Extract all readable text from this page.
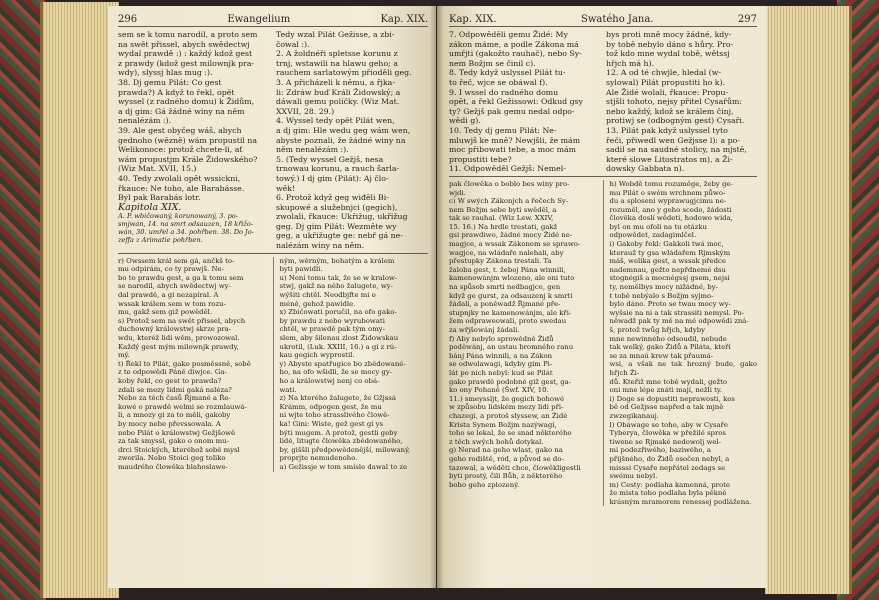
296	Ewangelium	Kap. XIX.

sem se k tomu narodil, a proto sem
na swět přissel, abych swědectwj
wydal prawdě :) : každý kdož gest
z prawdy (kdož gest milownjk pra-
wdy), slyssj hlas mug :).
38. Dj gemu Pilát: Co gest
prawda?) A když to řekl, opět
wyssel (z radného domu) k Židům,
a dj gim: Gá žádné winy na něm
nenalézám :).
39. Ale gest obyčeg wáš, abych
gednoho (wězně) wám propustil na
Welikonoce: protož chcete-li, ať
wám propustjm Krále Židowského?
(Wiz Mat. XVII, 15.)
40. Tedy zwolali opět wssickni,
řkauce: Ne toho, ale Barabásse.
Byl pak Barabás lotr.

Kapitola XIX.

A. P. wbičowaný, korunowaný, 3. po-
smjwán, 14. na smrt odsauzen, 18 křižo-
wán, 30. umřel a 34. pohřben. 38. Do Jo-
zeffa z Arimatie pohřben.

Tedy wzal Pilát Gežisse, a zbi-
čowal :).
2. A žoldnéři spletsse korunu z
trnj, wstawili na hlawu geho; a
rauchem sarlatowým přioděli geg.
3. A přicházeli k němu, a řjka-
li: Zdráw buď Králi Židowský; a
dáwali gemu políčky. (Wiz Mat.
XXVII, 28. 29.)
4. Wyssel tedy opět Pilát wen,
a dj gim: Hle wedu geg wám wen,
abyste poznali, že žádné winy na
něm nenalézám :).
5. (Tedy wyssel Gežjš, nesa
trnowau korunu, a rauch šarla-
towý.) I dj gim (Pilát): Aj člo-
wěk!
6. Protož když geg wiđěli Bi-
skupowé a služebnjci (gegich),
zwolali, řkauce: Ukřižug, ukřižug
geg. Dj gim Pilát: Wezměte wy
geg, a ukřižugte ge: nebř gá ne-
nalézám winy na něm.

r) Owssem král sem gá, ančkš to-
mu odpirám, co ty prawjš. Ne-
bo to prawdu gest, a ga k tomu sem
se narodil, abych swědectwj wy-
dal prawdě, a gi nezapíral. A
wssak králem sem w tom rozu-
mu, gakž sem giž powěděl.
s) Protož sem na swět přissel, abych
duchowný králowstwj skrze pra-
wdu, kteréž lidi wěm, prowozowal.
Každý gest mým milownjk prawdy,
mý.
t) Řekl to Pilát, gako posměssně, sobě
z te odpowědi Páně diwjce. Ga-
koby řekl, co gest to prawda?
zdali se mezy lidmi gaká naléza?
Nebo za těch časů Řjmané a Ře-
kowé o prawdě welmi se rozmlauwá-
li, a mnozy gi za to měli, gakoby
by mocy nebe převssowala. A
nebo Pilát o králowstwj Gežjšowě
za tak smyssl, gako o onom mu-
drci Stoických, kteréhož sobě mysl
zworila. Nebo Stoici geg toliko
maudrého člowěka blahoslawe-

ným, wěrným, bohatým a králem
byti pawidli.
u) Není tomu tak, že se w kralow-
stwj, gakž na něho žalugete, wy-
wýšiti chtěl. Neodbjfte mi o
méně, gehož pawidle.
x) Zbičowati poručil, na ofo gako-
by prawdu z nebo wyrubowati
chtěl, w prawdě pak tým omy-
slem, aby šilenau zlost Židowskau
ukrotil, (Luk. XXIII, 16.) a gi z rú-
kau gegich wyprostil.
y) Abyste spatřugice bo zbědowané-
ho, na ofo wšidli, že se mocy gy-
ho a králowstwj nenj co obá-
wati.
z) Na kterého žalugete, že Gžjssá
Krámm, odpogen gest, že mu
ni wjte toho strasslivého člowě-
ka! Gini: Wiste, gež gest gí ys
býti mugem. A protož, gestli geby
lidé, litugte člowěka zbědowaného,
by, giššli předpowědenější, milowaný,
proprjte nemudenoho.
a) Gežissje w tom smísle dawal to ze

Kap. XIX.	Swatého Jana.	297

7. Odpowěděli gemu Židé: My
zákon máme, a podle Zákona má
umřjti (gakožto rauhač), nebo Sy-
nem Božjm se činil c).
8. Tedy když uslyssel Pilát tu-
to řeč, wjce se obáwal f).
9. I wssel do radného domu
opět, a řekl Gežissowi: Odkud gsy
ty? Gežjš pak gemu nedal odpo-
wědi g).
10. Tedy dj gemu Pilát: Ne-
mluwjš ke mně? Newjšli, že mám
moc přibowati tebe, a moc mám
propustiti tebe?
11. Odpowěděl Gežjš: Nemel-

bys proti mně mocy žádné, kdy-
by tobě nebylo dáno s hůry. Pro-
tož kdo mne wydal tobě, wětssj
hřjch má h).
12. A od té chwjle, hledal (w-
sylowal) Pilát propustiti ho k).
Ale Židé wolali, řkauce: Propu-
stjšli tohoto, nejsy přitel Cysařům:
nebo každý, kdož se králem činj,
protiwj se (odbogným gest) Cysaři.
13. Pilát pak když uslyssel tyto
řeči, přiwedl wen Gežjsse l): a po-
sadil se na saudné stolicy, na mjstě,
které slowe Litostratos m), a Ži-
dowsky Gabbata n).

pak člowěka o boblo bes winy pro-
wjdi.
c) W swých Zákonjch a řečech Sy-
nem Božjm sebe byti swěděl, a
tak se rauhal. (Wiz Lew. XXIV,
15. 16.) Na hrdle trestati, gakž
gsi prawdiwo, žádné mocy Židé ne-
magjce, a wssak Zákonem se sprawo-
wagjce, na wládaře nalehali, aby
přestupky Zákona trestali. Ta
žaloba gest, t. žeboj Pána winnili,
kamenowánjm wlozeno, ale oni tuto
na spůsob smrti nedbagjce, gen
když ge gurst, za odsauzenj k smrti
žádali, a poněwadž Řjmané pře-
stupnjky ne kamenowánjm, ale kři-
žem odpraweowali, proto swedau
za wřjšowánj žádali.
f) Aby nebylo sprowědně Židů
poděwánj, an ustau bromného ranu
bánj Pána winnili, a na Zákon
se odwolawagi, kdyby gim Pi-
lát po nich nebyl: kud se Pilát
gako prawdě podobné giž gest, ga-
ko ony Pohaně (Šwf. XIV, 10.
11.) smeyssljt, že gegich bohowé
w způsobu lidském mezy lidi při-
chazegi, a protoš slyssew, an Židé
Krista Synem Božjm nazýwagi,
toho se lekal, že se snad některého
z těch swých bohů dotykal.
g) Nerad na geho wlast, gako na
geho rodiště, ród, a původ se do-
tazowal, a wěděti chce, člowěkligestli
byti prostý, čili Bůh, z některého
boho geho zplozený.

h) Wobdě tomu rozuměge, žeby ge-
mu Pilát o swém wrchnem půwo-
du a sploseni wyprawugjcimu ne-
rozuměl, ano y geho scedo, žádosti
člověka doslí wědeti, hodowo wida,
byl on mu ofoli na tu otázku
odpowědet, zadagimlčel.
i) Gakoby řekl: Gakkoli twá moc,
kterauž ty gsa wládařem Rjmským
máš, welika gest, a wssak předce
nademnau, gežto nepřdnemé dsu
stognégiš a mocnégssj gsem, nejsi
ty, nemělbys mocy nižádné, by-
t tobě nebýalo s Božjm syjmo-
bylo dáno. Proto se twau mocy wy-
wyšsie na ni a tak strassiti nemysl. Po-
něwadž pak ty mě na mé odpowědi zná-
š, protož twůg hřjch, kdyby
mne newinného odsoudil, nebude
tak welký, gako Židů a Piláta, kteří
se za mnaú krew tak přaumá-
wsi, a však ne tak hrozný bude, gako hřjch Ži-
dů. Kteřiž mne tobě wydali, gežto
oni mne lépe znáti mají, nežli ty.
i) Doge se dopustiti neprawosti, kos
bě od Gežjsse napřed a tak mjně
zwzegikanauj.
l) Obáwage se toho, aby w Cysaře
Tyberya, člowěka w přežilé spros
tiwene se Rjmské nedowolj wel-
mi podezřiwého, baziwého, a
přijšného, do Židů osočen nebyl, a
misssi Cysaře nepřátel zedags se
swému nebyl.
m) Cesty: podlaha kamenná, prote
že mista toho podlaha byla pěkně
krásným mramorem renessej podlážena.
